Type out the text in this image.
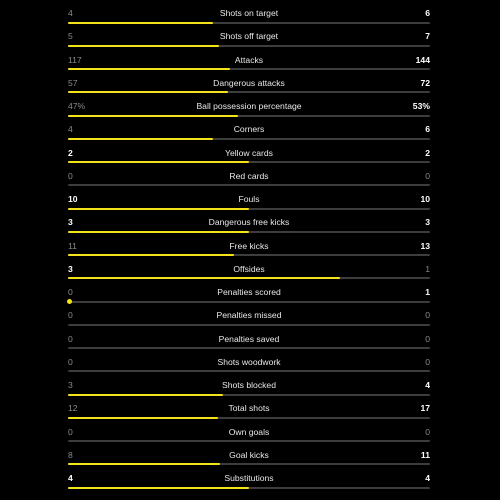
4	Shots on target	6
5	Shots off target	7
117	Attacks	144
57	Dangerous attacks	72
47%	Ball possession percentage	53%
4	Corners	6
2	Yellow cards	2
0	Red cards	0
10	Fouls	10
3	Dangerous free kicks	3
11	Free kicks	13
3	Offsides	1
0	Penalties scored	1
0	Penalties missed	0
0	Penalties saved	0
0	Shots woodwork	0
3	Shots blocked	4
12	Total shots	17
0	Own goals	0
8	Goal kicks	11
4	Substitutions	4
